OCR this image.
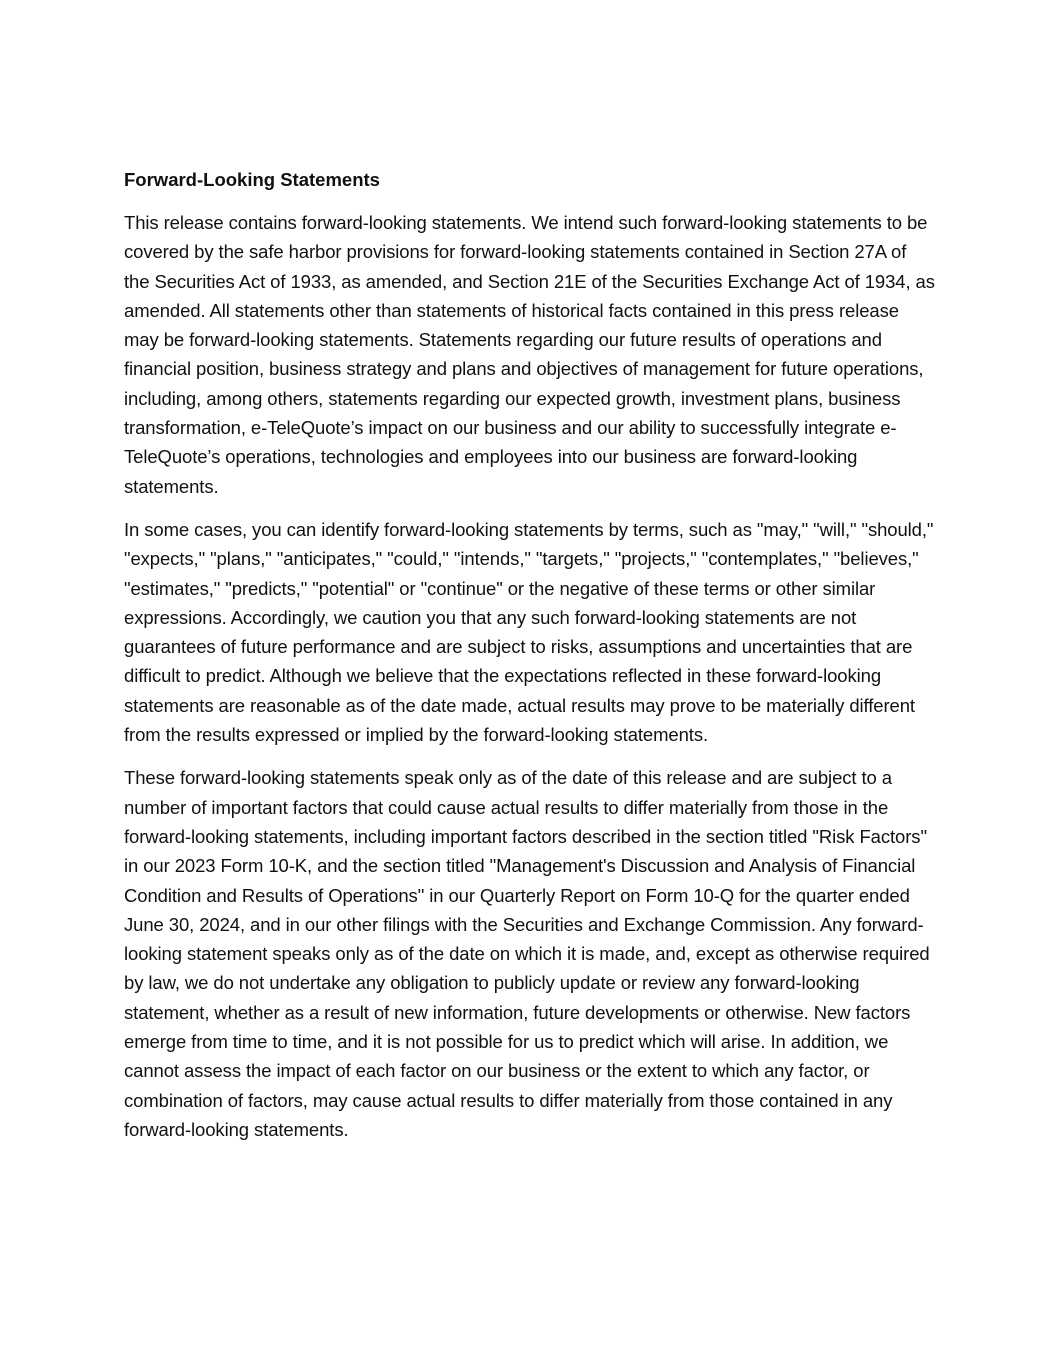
Forward-Looking Statements

This release contains forward-looking statements. We intend such forward-looking statements to be covered by the safe harbor provisions for forward-looking statements contained in Section 27A of the Securities Act of 1933, as amended, and Section 21E of the Securities Exchange Act of 1934, as amended. All statements other than statements of historical facts contained in this press release may be forward-looking statements. Statements regarding our future results of operations and financial position, business strategy and plans and objectives of management for future operations, including, among others, statements regarding our expected growth, investment plans, business transformation, e-TeleQuote’s impact on our business and our ability to successfully integrate e-TeleQuote’s operations, technologies and employees into our business are forward-looking statements.

In some cases, you can identify forward-looking statements by terms, such as "may," "will," "should," "expects," "plans," "anticipates," "could," "intends," "targets," "projects," "contemplates," "believes," "estimates," "predicts," "potential" or "continue" or the negative of these terms or other similar expressions. Accordingly, we caution you that any such forward-looking statements are not guarantees of future performance and are subject to risks, assumptions and uncertainties that are difficult to predict. Although we believe that the expectations reflected in these forward-looking statements are reasonable as of the date made, actual results may prove to be materially different from the results expressed or implied by the forward-looking statements.

These forward-looking statements speak only as of the date of this release and are subject to a number of important factors that could cause actual results to differ materially from those in the forward-looking statements, including important factors described in the section titled "Risk Factors" in our 2023 Form 10-K, and the section titled "Management's Discussion and Analysis of Financial Condition and Results of Operations" in our Quarterly Report on Form 10-Q for the quarter ended June 30, 2024, and in our other filings with the Securities and Exchange Commission. Any forward-looking statement speaks only as of the date on which it is made, and, except as otherwise required by law, we do not undertake any obligation to publicly update or review any forward-looking statement, whether as a result of new information, future developments or otherwise. New factors emerge from time to time, and it is not possible for us to predict which will arise. In addition, we cannot assess the impact of each factor on our business or the extent to which any factor, or combination of factors, may cause actual results to differ materially from those contained in any forward-looking statements.
